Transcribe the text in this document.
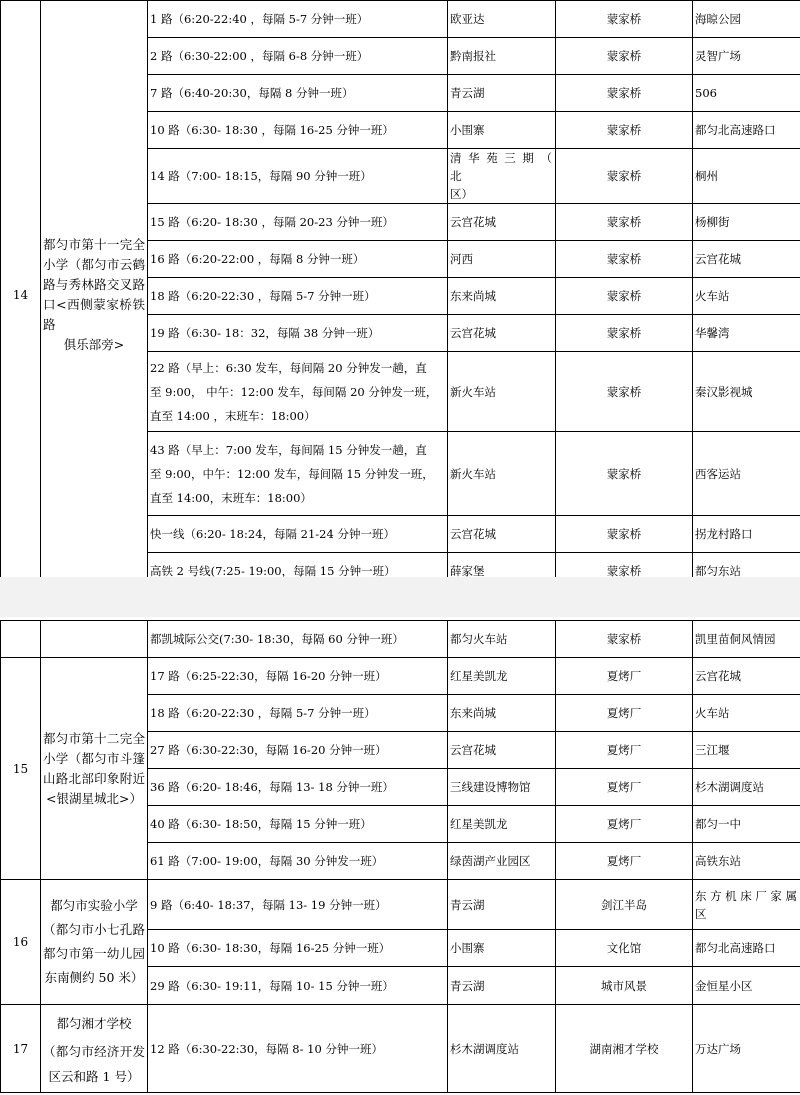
14	都匀市第十一完全
小学（都匀市云鹤
路与秀林路交叉路
口<西侧蒙家桥铁路
俱乐部旁>	1 路（6:20-22:40 ，每隔 5-7 分钟一班）	欧亚达	蒙家桥	海晾公园
		2 路（6:30-22:00 ，每隔 6-8 分钟一班）	黔南报社	蒙家桥	灵智广场
		7 路（6:40-20:30，每隔 8 分钟一班）	青云湖	蒙家桥	506
		10 路（6:30- 18:30 ，每隔 16-25 分钟一班）	小围寨	蒙家桥	都匀北高速路口
		14 路（7:00- 18:15，每隔 90 分钟一班）	清 华 苑 三 期 （ 北
区）	蒙家桥	桐州
		15 路（6:20- 18:30 ，每隔 20-23 分钟一班）	云宫花城	蒙家桥	杨柳街
		16 路（6:20-22:00 ，每隔 8 分钟一班）	河西	蒙家桥	云宫花城
		18 路（6:20-22:30 ，每隔 5-7 分钟一班）	东来尚城	蒙家桥	火车站
		19 路（6:30- 18：32，每隔 38 分钟一班）	云宫花城	蒙家桥	华馨湾

		22 路（早上：6:30 发车，每间隔 20 分钟发一趟，直
至 9:00， 中午：12:00 发车，每间隔 20 分钟发一班，
直至 14:00 ，末班车：18:00）	新火车站	蒙家桥	秦汉影视城

		43 路（早上：7:00 发车，每间隔 15 分钟发一趟，直
至 9:00，中午：12:00 发车，每间隔 15 分钟发一班，
直至 14:00，末班车：18:00）	新火车站	蒙家桥	西客运站
		快一线（6:20- 18:24，每隔 21-24 分钟一班）	云宫花城	蒙家桥	拐龙村路口
		高铁 2 号线(7:25- 19:00，每隔 15 分钟一班）	薛家堡	蒙家桥	都匀东站
		都凯城际公交(7:30- 18:30，每隔 60 分钟一班）	都匀火车站	蒙家桥	凯里苗侗风情园
15	都匀市第十二完全
小学（都匀市斗篷
山路北部印象附近
<银湖星城北>）	17 路（6:25-22:30，每隔 16-20 分钟一班）	红星美凯龙	夏烤厂	云宫花城
		18 路（6:20-22:30 ，每隔 5-7 分钟一班）	东来尚城	夏烤厂	火车站
		27 路（6:30-22:30，每隔 16-20 分钟一班）	云宫花城	夏烤厂	三江堰
		36 路（6:20- 18:46，每隔 13- 18 分钟一班）	三线建设博物馆	夏烤厂	杉木湖调度站
		40 路（6:30- 18:50，每隔 15 分钟一班）	红星美凯龙	夏烤厂	都匀一中
		61 路（7:00- 19:00，每隔 30 分钟发一班）	绿茵湖产业园区	夏烤厂	高铁东站
16	都匀市实验小学
（都匀市小七孔路
都匀市第一幼儿园
东南侧约 50 米）	9 路（6:40- 18:37，每隔 13- 19 分钟一班）	青云湖	剑江半岛	东方机床厂家属
区

		10 路（6:30- 18:30，每隔 16-25 分钟一班）	小围寨	文化馆	都匀北高速路口
		29 路（6:30- 19:11，每隔 10- 15 分钟一班）	青云湖	城市风景	金恒星小区
17	都匀湘才学校
（都匀市经济开发
区云和路 1 号）	12 路（6:30-22:30，每隔 8- 10 分钟一班）	杉木湖调度站	湖南湘才学校	万达广场
